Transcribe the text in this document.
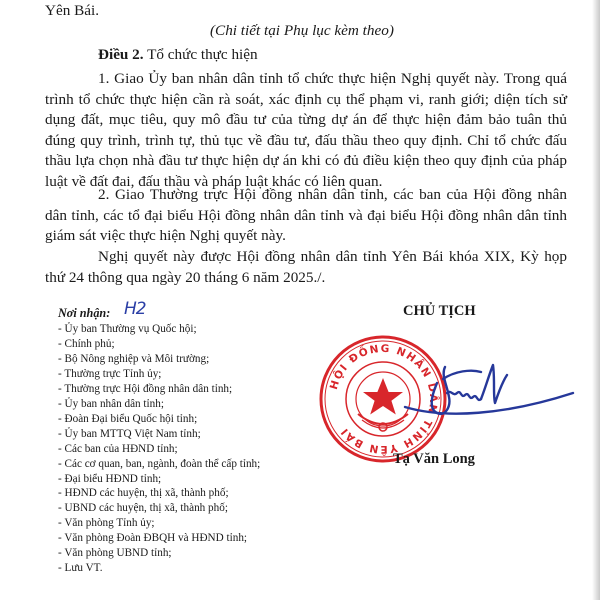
Yên Bái.
(Chi tiết tại Phụ lục kèm theo)
Điều 2. Tổ chức thực hiện
1. Giao Ủy ban nhân dân tỉnh tổ chức thực hiện Nghị quyết này. Trong quá trình tổ chức thực hiện cần rà soát, xác định cụ thể phạm vi, ranh giới; diện tích sử dụng đất, mục tiêu, quy mô đầu tư của từng dự án để thực hiện đảm bảo tuân thủ đúng quy trình, trình tự, thủ tục về đầu tư, đấu thầu theo quy định. Chỉ tổ chức đấu thầu lựa chọn nhà đầu tư thực hiện dự án khi có đủ điều kiện theo quy định của pháp luật về đất đai, đấu thầu và pháp luật khác có liên quan.
2. Giao Thường trực Hội đồng nhân dân tỉnh, các ban của Hội đồng nhân dân tỉnh, các tổ đại biểu Hội đồng nhân dân tỉnh và đại biểu Hội đồng nhân dân tỉnh giám sát việc thực hiện Nghị quyết này.
Nghị quyết này được Hội đồng nhân dân tỉnh Yên Bái khóa XIX, Kỳ họp thứ 24 thông qua ngày 20 tháng 6 năm 2025./.
Nơi nhận: H2
- Ủy ban Thường vụ Quốc hội;
- Chính phủ;
- Bộ Nông nghiệp và Môi trường;
- Thường trực Tỉnh ủy;
- Thường trực Hội đồng nhân dân tỉnh;
- Ủy ban nhân dân tỉnh;
- Đoàn Đại biểu Quốc hội tỉnh;
- Ủy ban MTTQ Việt Nam tỉnh;
- Các ban của HĐND tỉnh;
- Các cơ quan, ban, ngành, đoàn thể cấp tỉnh;
- Đại biểu HĐND tỉnh;
- HĐND các huyện, thị xã, thành phố;
- UBND các huyện, thị xã, thành phố;
- Văn phòng Tỉnh ủy;
- Văn phòng Đoàn ĐBQH và HĐND tỉnh;
- Văn phòng UBND tỉnh;
- Lưu VT.
CHỦ TỊCH
HỘI ĐỒNG NHÂN DÂN TỈNH YÊN BÁI
Tạ Văn Long
